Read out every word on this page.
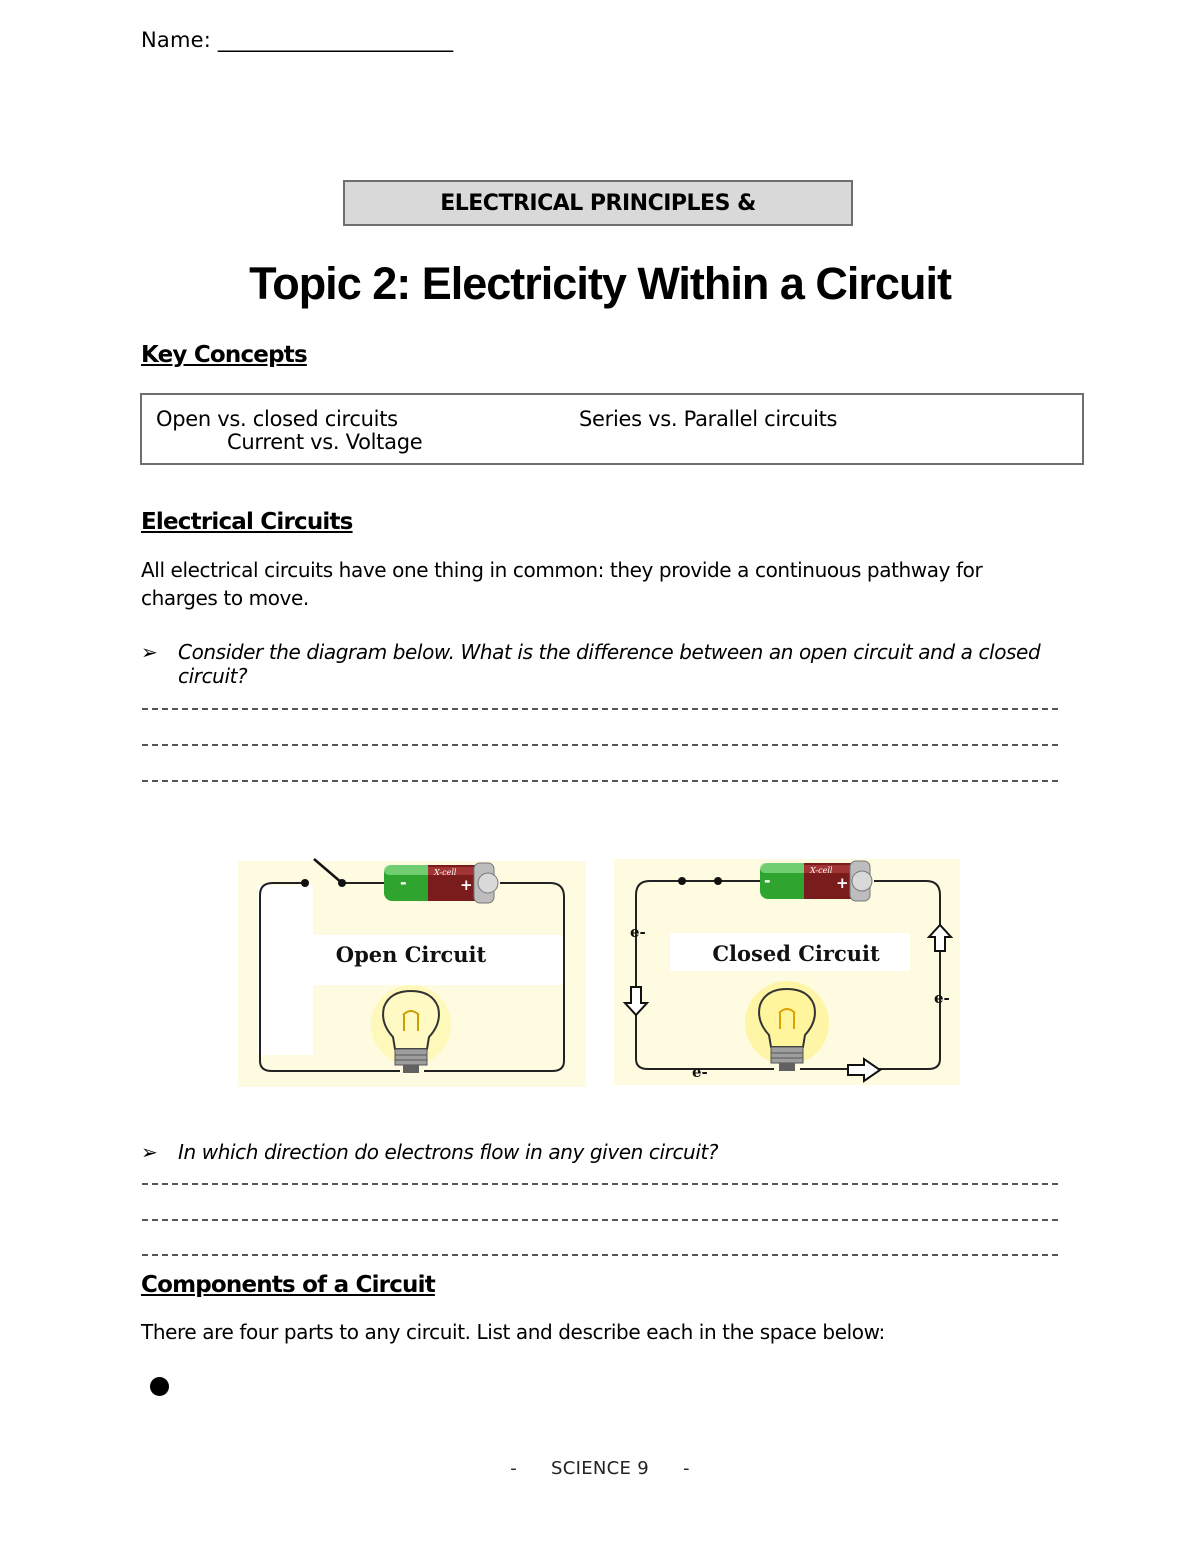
Name: ______________________
ELECTRICAL PRINCIPLES &
Topic 2: Electricity Within a Circuit
Key Concepts
Open vs. closed circuits	Series vs. Parallel circuits
Current vs. Voltage
Electrical Circuits
All electrical circuits have one thing in common: they provide a continuous pathway for charges to move.
➢ Consider the diagram below. What is the difference between an open circuit and a closed circuit?
-	+
X-cell
Open Circuit
-	+
X-cell
Closed Circuit
e-
e-
e-
➢ In which direction do electrons flow in any given circuit?
Components of a Circuit
There are four parts to any circuit. List and describe each in the space below:
- SCIENCE 9 -
